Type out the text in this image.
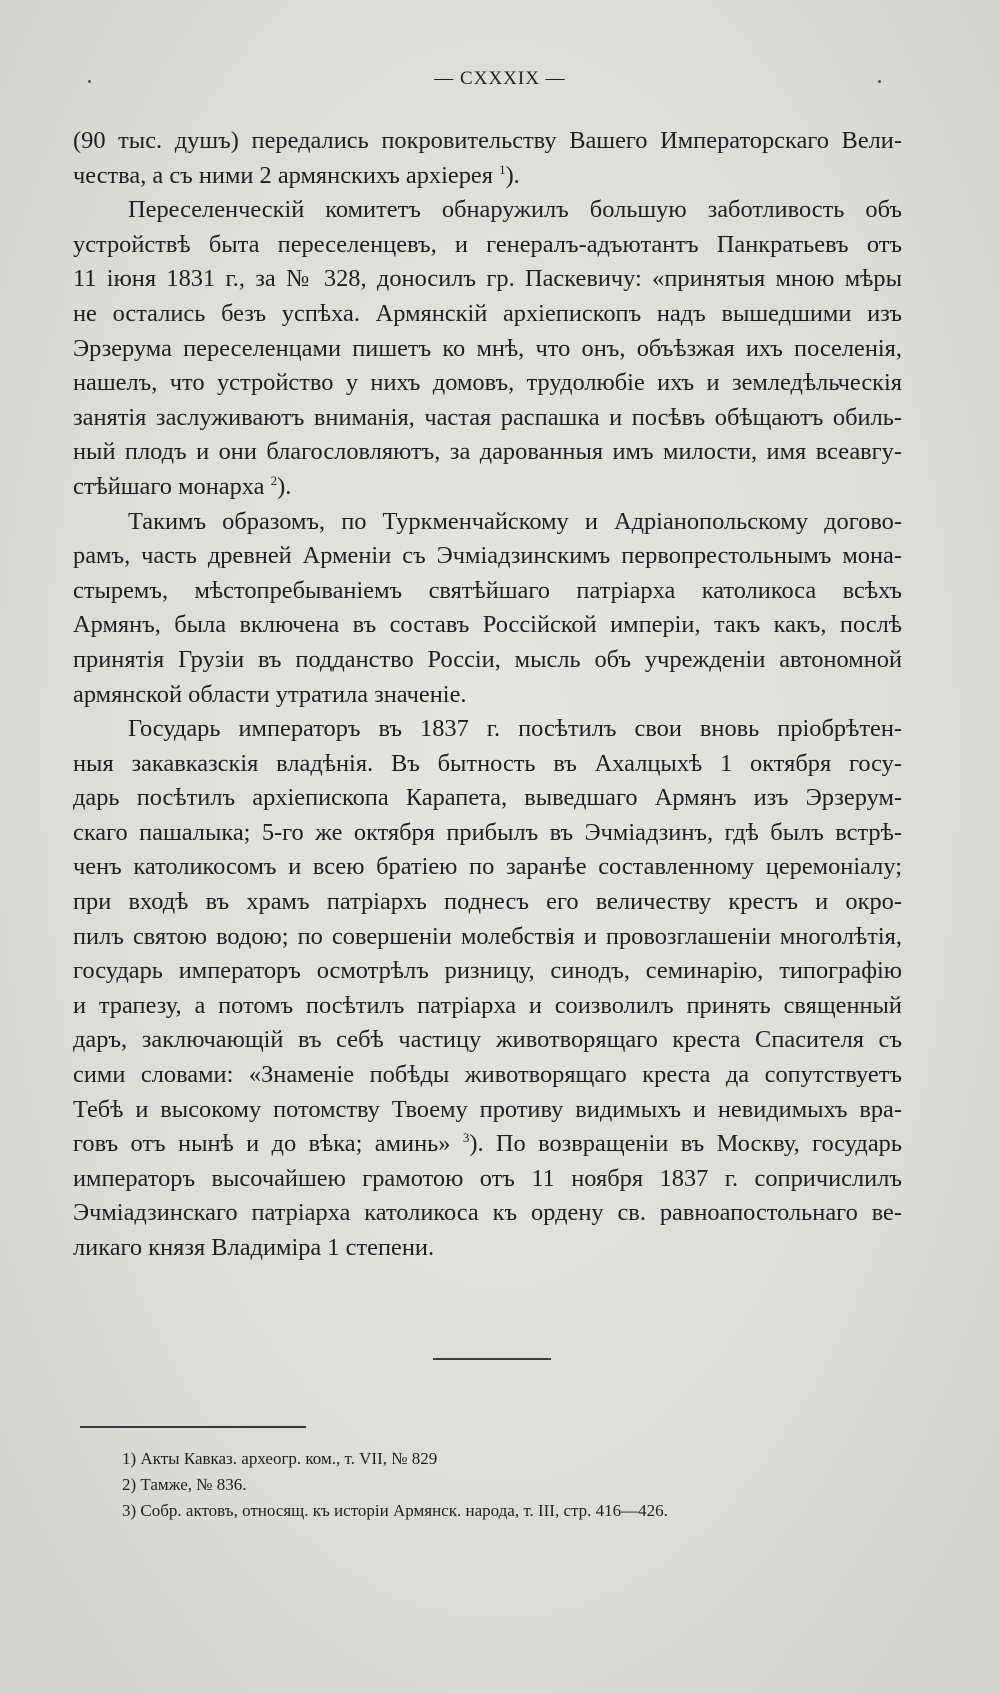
— CXXXIX —
(90 тыс. душъ) передались покровительству Вашего Императорскаго Вели-
чества, а съ ними 2 армянскихъ архiерея $^1$).
Переселенческiй комитетъ обнаружилъ большую заботливость объ
устройствѣ быта переселенцевъ, и генералъ-адъютантъ Панкратьевъ отъ
11 iюня 1831 г., за № 328, доносилъ гр. Паскевичу: «принятыя мною мѣры
не остались безъ успѣха. Армянскiй архiепископъ надъ вышедшими изъ
Эрзерума переселенцами пишетъ ко мнѣ, что онъ, объѣзжая ихъ поселенiя,
нашелъ, что устройство у нихъ домовъ, трудолюбiе ихъ и земледѣльческiя
занятiя заслуживаютъ вниманiя, частая распашка и посѣвъ обѣщаютъ обиль-
ный плодъ и они благословляютъ, за дарованныя имъ милости, имя всеавгу-
стѣйшаго монарха $^2$).
Такимъ образомъ, по Туркменчайскому и Адрiанопольскому догово-
рамъ, часть древней Арменiи съ Эчмiадзинскимъ первопрестольнымъ мона-
стыремъ, мѣстопребыванiемъ святѣйшаго патрiарха католикоса всѣхъ
Армянъ, была включена въ составъ Россiйской имперiи, такъ какъ, послѣ
принятiя Грузiи въ подданство Россiи, мысль объ учрежденiи автономной
армянской области утратила значенiе.
Государь императоръ въ 1837 г. посѣтилъ свои вновь прiобрѣтен-
ныя закавказскiя владѣнiя. Въ бытность въ Ахалцыхѣ 1 октября госу-
дарь посѣтилъ архiепископа Карапета, выведшаго Армянъ изъ Эрзерум-
скаго пашалыка; 5-го же октября прибылъ въ Эчмiадзинъ, гдѣ былъ встрѣ-
ченъ католикосомъ и всею братiею по заранѣе составленному церемонiалу;
при входѣ въ храмъ патрiархъ поднесъ его величеству крестъ и окро-
пилъ святою водою; по совершенiи молебствiя и провозглашенiи многолѣтiя,
государь императоръ осмотрѣлъ ризницу, синодъ, семинарiю, типографiю
и трапезу, а потомъ посѣтилъ патрiарха и соизволилъ принять священный
даръ, заключающiй въ себѣ частицу животворящаго креста Спасителя съ
сими словами: «Знаменiе побѣды животворящаго креста да сопутствуетъ
Тебѣ и высокому потомству Твоему противу видимыхъ и невидимыхъ вра-
говъ отъ нынѣ и до вѣка; аминь» $^3$). По возвращенiи въ Москву, государь
императоръ высочайшею грамотою отъ 11 ноября 1837 г. сопричислилъ
Эчмiадзинскаго патрiарха католикоса къ ордену св. равноапостольнаго ве-
ликаго князя Владимiра 1 степени.
1) Акты Кавказ. археогр. ком., т. VII, № 829
2) Тамже, № 836.
3) Собр. актовъ, относящ. къ исторiи Армянск. народа, т. III, стр. 416—426.
